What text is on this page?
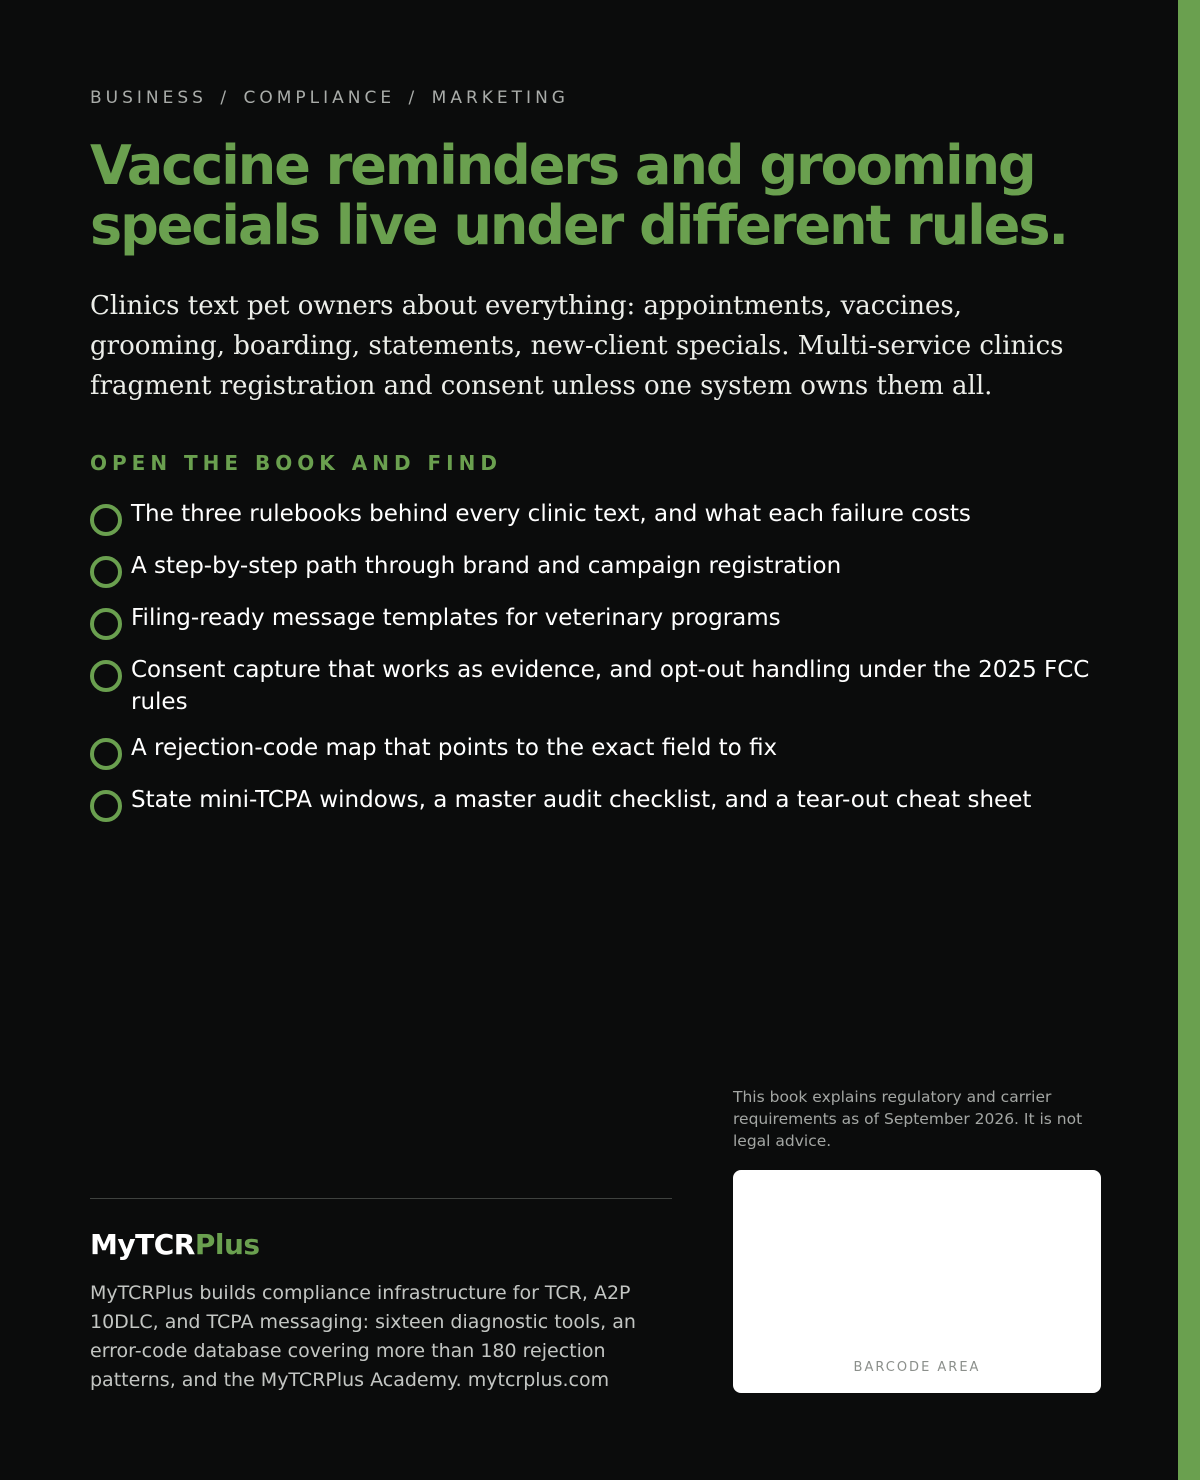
BUSINESS / COMPLIANCE / MARKETING
Vaccine reminders and grooming
specials live under different rules.

Clinics text pet owners about everything: appointments, vaccines, grooming, boarding, statements, new-client specials. Multi-service clinics fragment registration and consent unless one system owns them all.

OPEN THE BOOK AND FIND
The three rulebooks behind every clinic text, and what each failure costs
A step-by-step path through brand and campaign registration
Filing-ready message templates for veterinary programs
Consent capture that works as evidence, and opt-out handling under the 2025 FCC rules
A rejection-code map that points to the exact field to fix
State mini-TCPA windows, a master audit checklist, and a tear-out cheat sheet

This book explains regulatory and carrier requirements as of September 2026. It is not legal advice.

BARCODE AREA
MyTCRPlus

MyTCRPlus builds compliance infrastructure for TCR, A2P 10DLC, and TCPA messaging: sixteen diagnostic tools, an error-code database covering more than 180 rejection patterns, and the MyTCRPlus Academy. mytcrplus.com
